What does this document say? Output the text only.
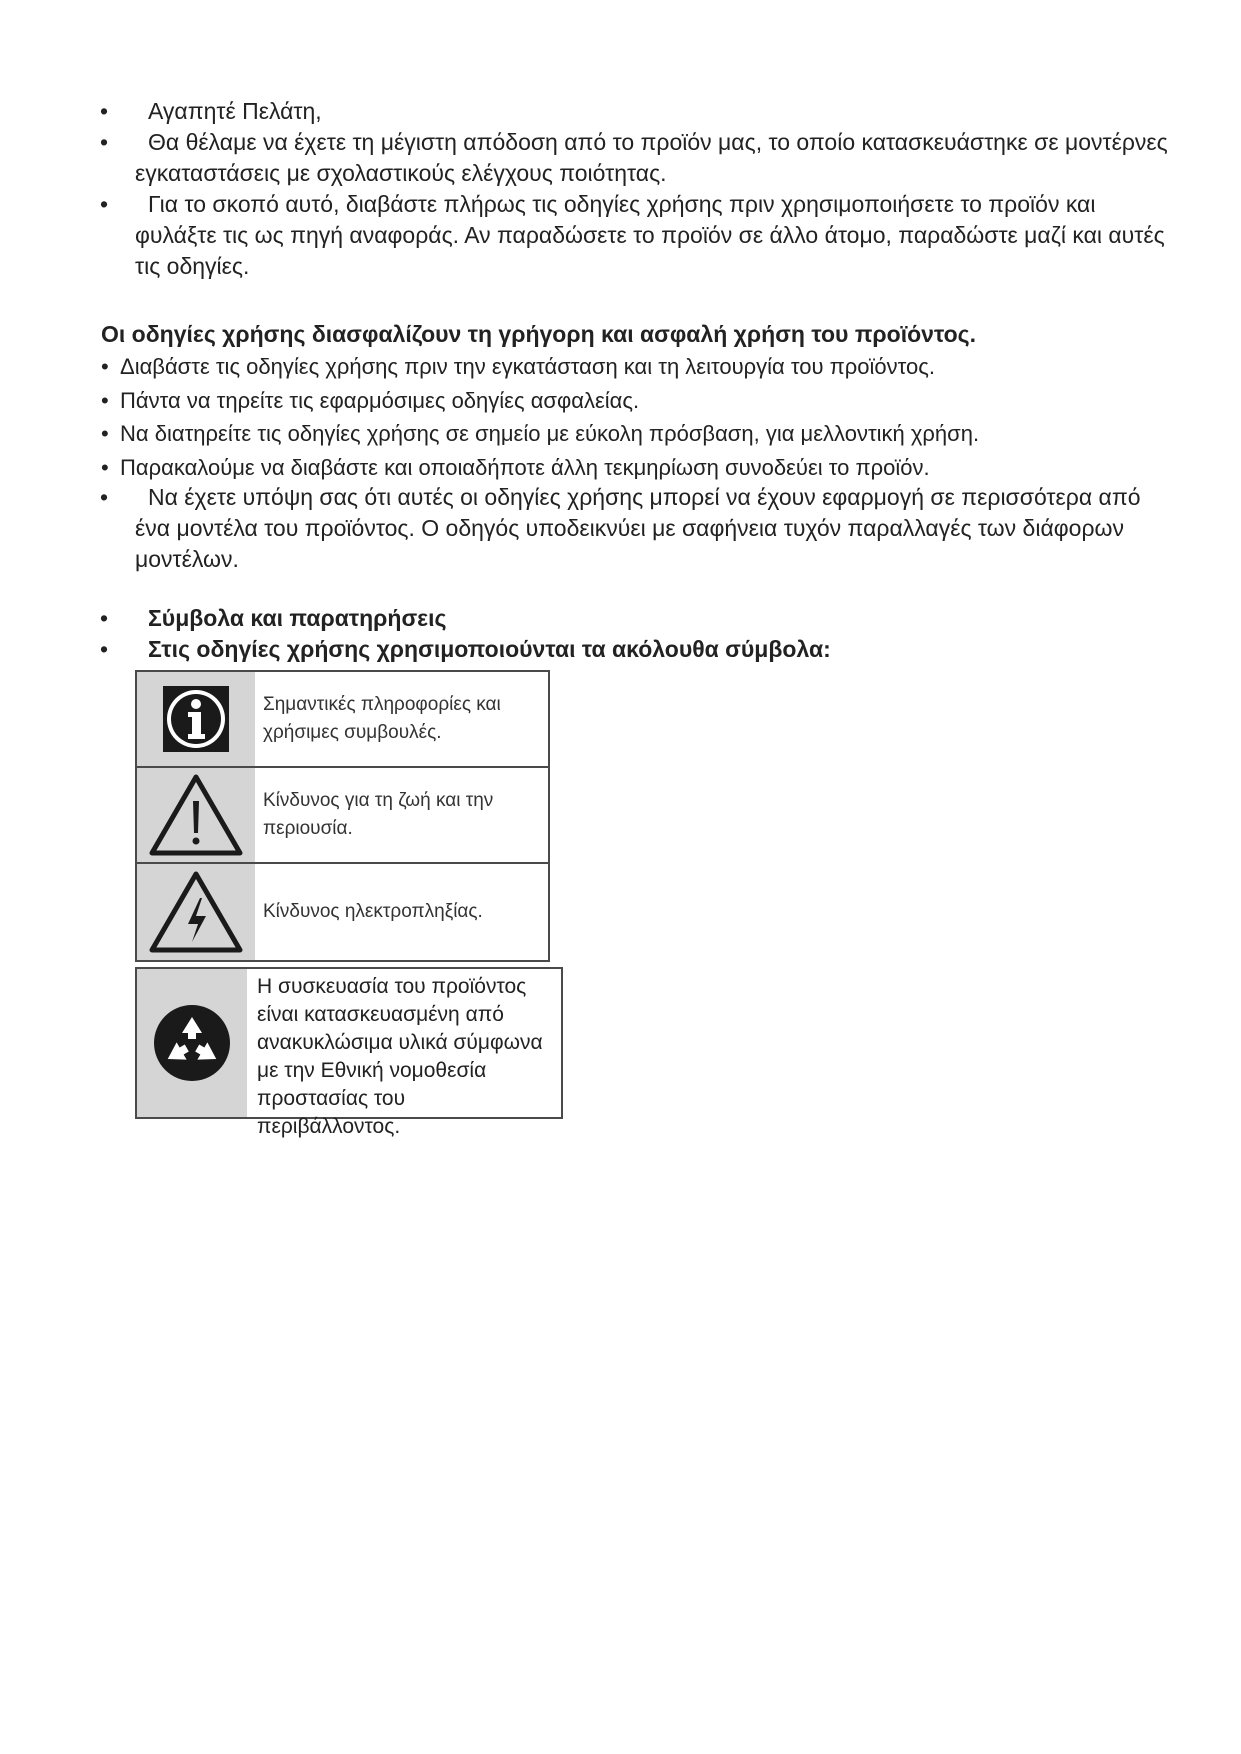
•	Αγαπητέ Πελάτη,
•	Θα θέλαμε να έχετε τη μέγιστη απόδοση από το προϊόν μας, το οποίο κατασκευάστηκε σε μοντέρνες εγκαταστάσεις με σχολαστικούς ελέγχους ποιότητας.
•	Για το σκοπό αυτό, διαβάστε πλήρως τις οδηγίες χρήσης πριν χρησιμοποιήσετε το προϊόν και φυλάξτε τις ως πηγή αναφοράς. Αν παραδώσετε το προϊόν σε άλλο άτομο, παραδώστε μαζί και αυτές τις οδηγίες.
Οι οδηγίες χρήσης διασφαλίζουν τη γρήγορη και ασφαλή χρήση του προϊόντος.
• Διαβάστε τις οδηγίες χρήσης πριν την εγκατάσταση και τη λειτουργία του προϊόντος.
• Πάντα να τηρείτε τις εφαρμόσιμες οδηγίες ασφαλείας.
• Να διατηρείτε τις οδηγίες χρήσης σε σημείο με εύκολη πρόσβαση, για μελλοντική χρήση.
• Παρακαλούμε να διαβάστε και οποιαδήποτε άλλη τεκμηρίωση συνοδεύει το προϊόν.
•	Να έχετε υπόψη σας ότι αυτές οι οδηγίες χρήσης μπορεί να έχουν εφαρμογή σε περισσότερα από ένα μοντέλα του προϊόντος. Ο οδηγός υποδεικνύει με σαφήνεια τυχόν παραλλαγές των διάφορων μοντέλων.
•	Σύμβολα και παρατηρήσεις
•	Στις οδηγίες χρήσης χρησιμοποιούνται τα ακόλουθα σύμβολα:
Σημαντικές πληροφορίες και χρήσιμες συμβουλές.
Κίνδυνος για τη ζωή και την περιουσία.
Κίνδυνος ηλεκτροπληξίας.
Η συσκευασία του προϊόντος είναι κατασκευασμένη από ανακυκλώσιμα υλικά σύμφωνα με την Εθνική νομοθεσία προστασίας του περιβάλλοντος.
